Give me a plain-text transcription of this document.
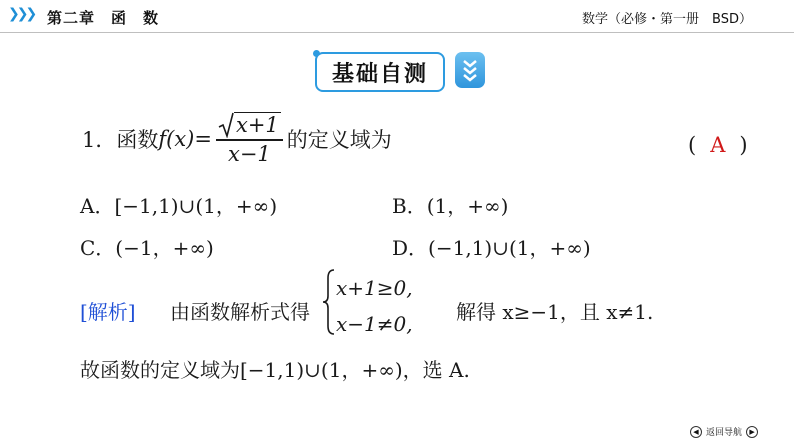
❯❯❯ 第二章　函　数	数学（必修・第一册　BSD）
基础自测
1．函数 $f(x)= \frac{x+1}{x-1}$ 的定义域为	( A )
A．[−1,1)∪(1，+∞)	B．(1，+∞)
C．(−1，+∞)	D．(−1,1)∪(1，+∞)
[解析] 由函数解析式得
x+1≥0,
x−1≠0, 解得 x≥−1，且 x≠1.
故函数的定义域为[−1,1)∪(1，+∞)，选 A.
◀ 返回导航	▶
